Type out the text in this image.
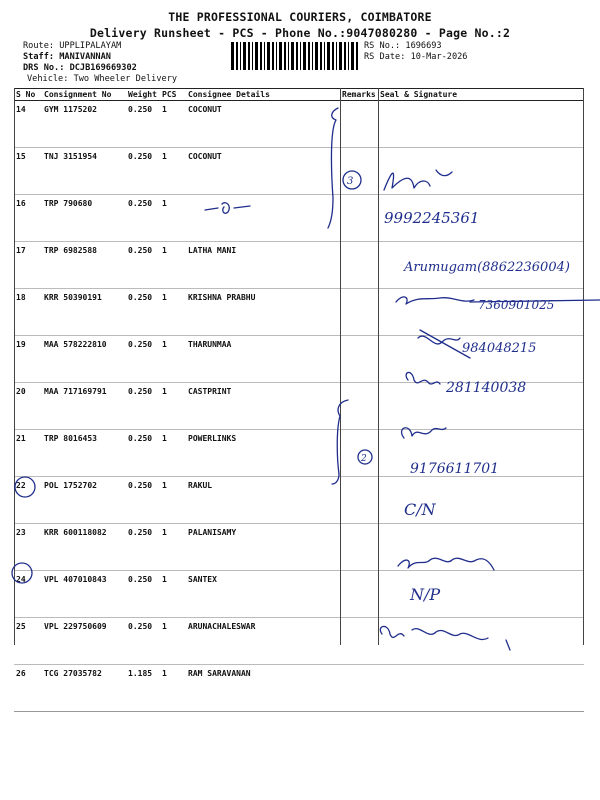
THE PROFESSIONAL COURIERS, COIMBATORE
Delivery Runsheet - PCS - Phone No.:9047080280 - Page No.:2
Route: UPPLIPALAYAM
Staff: MANIVANNAN
DRS No.: DCJB169669302
Vehicle: Two Wheeler Delivery
RS No.: 1696693
RS Date: 10-Mar-2026
S No	Consignment No	Weight	PCS	Consignee Details	Remarks	Seal & Signature
14	GYM 1175202	0.250	1	COCONUT		
15	TNJ 3151954	0.250	1	COCONUT		
16	TRP 790680	0.250	1			
17	TRP 6982588	0.250	1	LATHA MANI		
18	KRR 50390191	0.250	1	KRISHNA PRABHU		
19	MAA 578222810	0.250	1	THARUNMAA		
20	MAA 717169791	0.250	1	CASTPRINT		
21	TRP 8016453	0.250	1	POWERLINKS		
22	POL 1752702	0.250	1	RAKUL		
23	KRR 600118082	0.250	1	PALANISAMY		
24	VPL 407010843	0.250	1	SANTEX		
25	VPL 229750609	0.250	1	ARUNACHALESWAR		
26	TCG 27035782	1.185	1	RAM SARAVANAN		
3
2
9992245361
Arumugam(8862236004)
7360901025
984048215
281140038
9176611701
C/N
N/P
